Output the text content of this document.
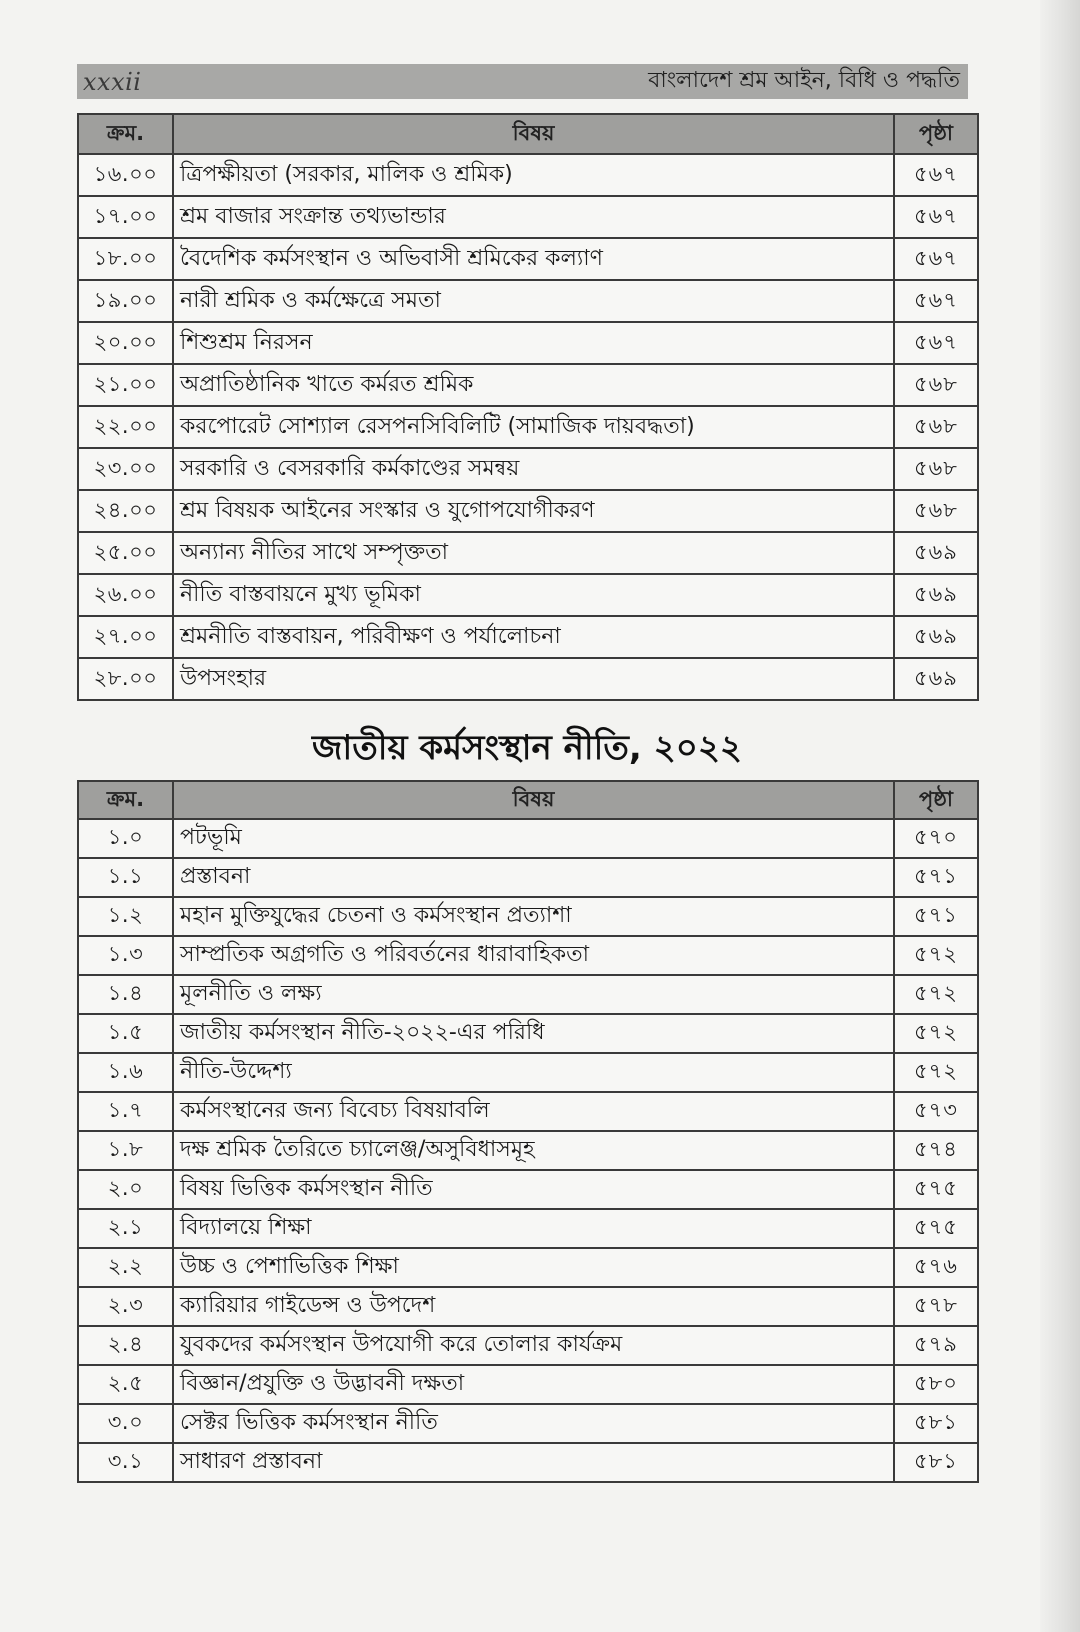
xxxii	বাংলাদেশ শ্রম আইন, বিধি ও পদ্ধতি
ক্রম.	বিষয়	পৃষ্ঠা
১৬.০০	ত্রিপক্ষীয়তা (সরকার, মালিক ও শ্রমিক)	৫৬৭
১৭.০০	শ্রম বাজার সংক্রান্ত তথ্যভান্ডার	৫৬৭
১৮.০০	বৈদেশিক কর্মসংস্থান ও অভিবাসী শ্রমিকের কল্যাণ	৫৬৭
১৯.০০	নারী শ্রমিক ও কর্মক্ষেত্রে সমতা	৫৬৭
২০.০০	শিশুশ্রম নিরসন	৫৬৭
২১.০০	অপ্রাতিষ্ঠানিক খাতে কর্মরত শ্রমিক	৫৬৮
২২.০০	করপোরেট সোশ্যাল রেসপনসিবিলিটি (সামাজিক দায়বদ্ধতা)	৫৬৮
২৩.০০	সরকারি ও বেসরকারি কর্মকাণ্ডের সমন্বয়	৫৬৮
২৪.০০	শ্রম বিষয়ক আইনের সংস্কার ও যুগোপযোগীকরণ	৫৬৮
২৫.০০	অন্যান্য নীতির সাথে সম্পৃক্ততা	৫৬৯
২৬.০০	নীতি বাস্তবায়নে মুখ্য ভূমিকা	৫৬৯
২৭.০০	শ্রমনীতি বাস্তবায়ন, পরিবীক্ষণ ও পর্যালোচনা	৫৬৯
২৮.০০	উপসংহার	৫৬৯
জাতীয় কর্মসংস্থান নীতি, ২০২২
ক্রম.	বিষয়	পৃষ্ঠা
১.০	পটভূমি	৫৭০
১.১	প্রস্তাবনা	৫৭১
১.২	মহান মুক্তিযুদ্ধের চেতনা ও কর্মসংস্থান প্রত্যাশা	৫৭১
১.৩	সাম্প্রতিক অগ্রগতি ও পরিবর্তনের ধারাবাহিকতা	৫৭২
১.৪	মূলনীতি ও লক্ষ্য	৫৭২
১.৫	জাতীয় কর্মসংস্থান নীতি-২০২২-এর পরিধি	৫৭২
১.৬	নীতি-উদ্দেশ্য	৫৭২
১.৭	কর্মসংস্থানের জন্য বিবেচ্য বিষয়াবলি	৫৭৩
১.৮	দক্ষ শ্রমিক তৈরিতে চ্যালেঞ্জ/অসুবিধাসমূহ	৫৭৪
২.০	বিষয় ভিত্তিক কর্মসংস্থান নীতি	৫৭৫
২.১	বিদ্যালয়ে শিক্ষা	৫৭৫
২.২	উচ্চ ও পেশাভিত্তিক শিক্ষা	৫৭৬
২.৩	ক্যারিয়ার গাইডেন্স ও উপদেশ	৫৭৮
২.৪	যুবকদের কর্মসংস্থান উপযোগী করে তোলার কার্যক্রম	৫৭৯
২.৫	বিজ্ঞান/প্রযুক্তি ও উদ্ভাবনী দক্ষতা	৫৮০
৩.০	সেক্টর ভিত্তিক কর্মসংস্থান নীতি	৫৮১
৩.১	সাধারণ প্রস্তাবনা	৫৮১
